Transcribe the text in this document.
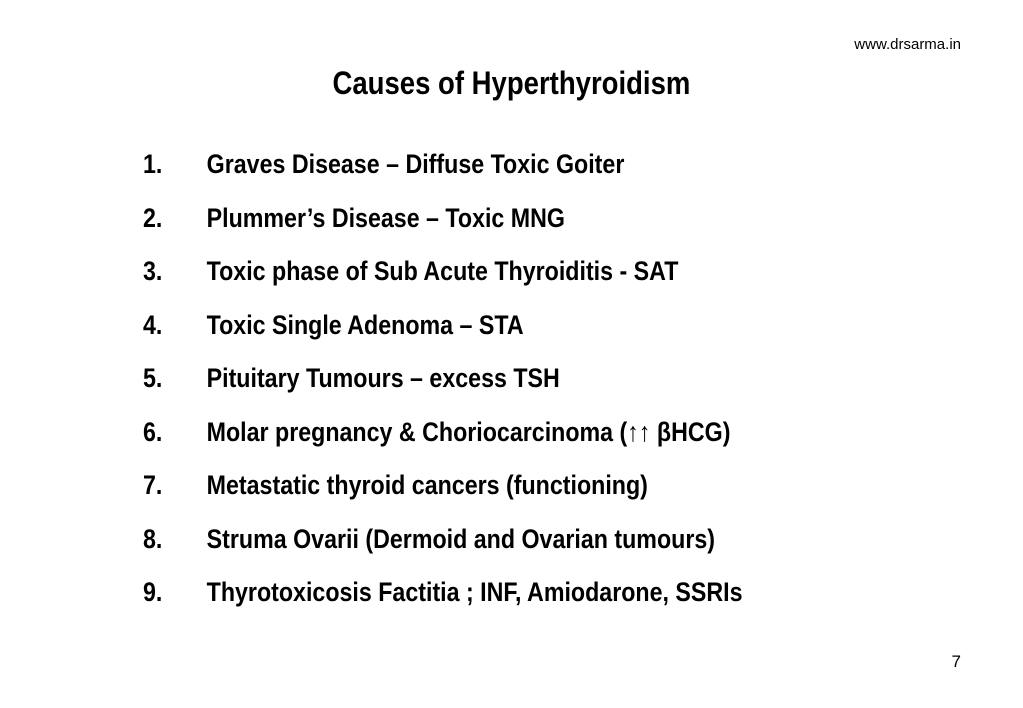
www.drsarma.in
Causes of Hyperthyroidism
1.	Graves Disease – Diffuse Toxic Goiter
2.	Plummer’s Disease – Toxic MNG
3.	Toxic phase of Sub Acute Thyroiditis - SAT
4.	Toxic Single Adenoma – STA
5.	Pituitary Tumours – excess TSH
6.	Molar pregnancy & Choriocarcinoma (↑↑ βHCG)
7.	Metastatic thyroid cancers (functioning)
8.	Struma Ovarii (Dermoid and Ovarian tumours)
9.	Thyrotoxicosis Factitia ; INF, Amiodarone, SSRIs
7
